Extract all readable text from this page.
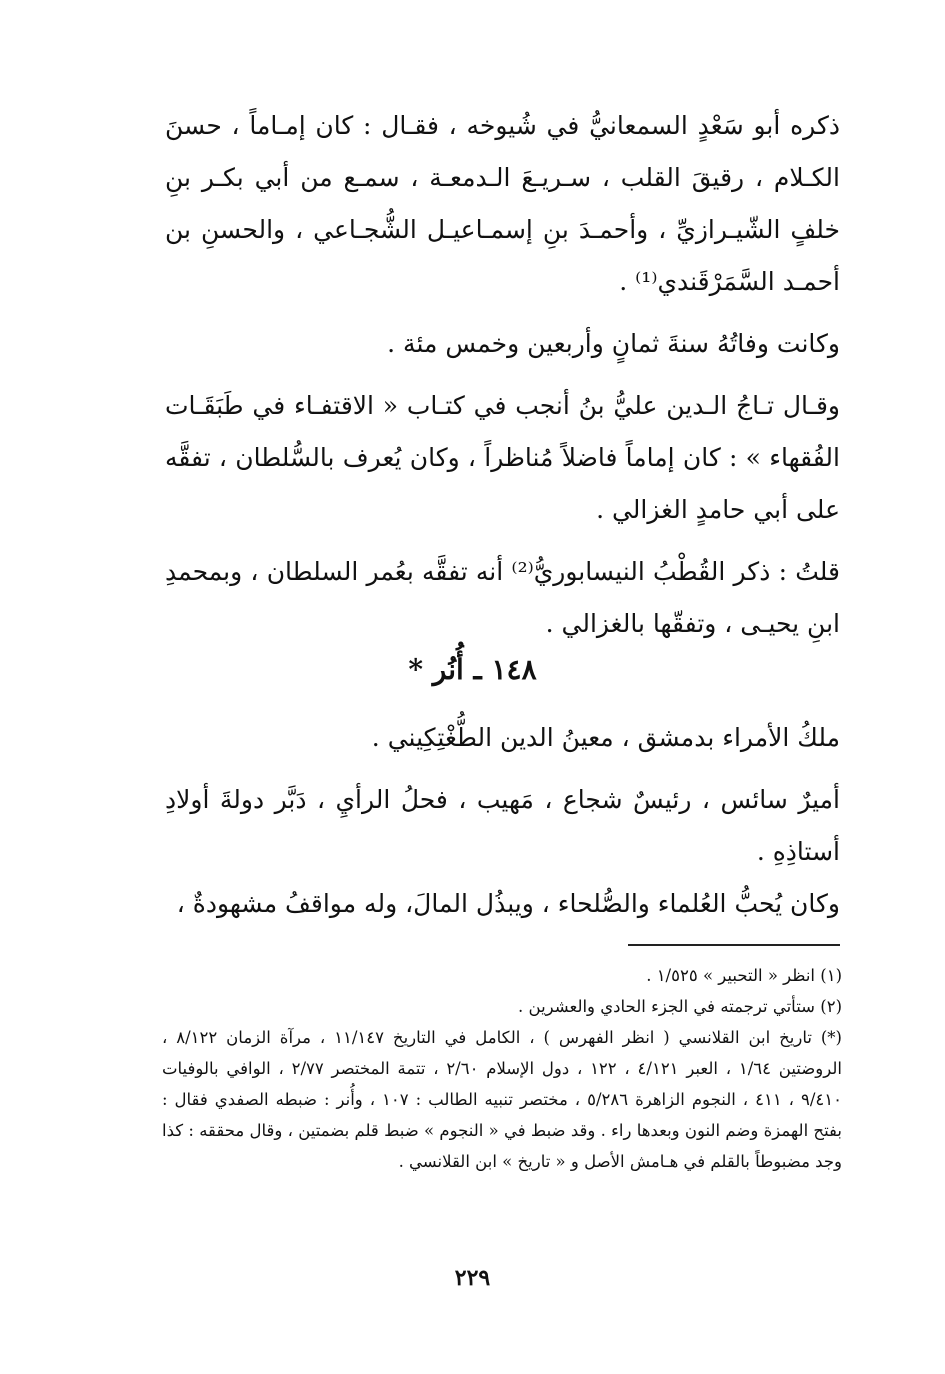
ذكره أبو سَعْدٍ السمعانيُّ في شُيوخه ، فقـال : كان إمـاماً ، حسنَ الكـلام ، رقيقَ القلب ، سـريـعَ الـدمعـة ، سمـع من أبي بكـر بنِ خلفٍ الشّيـرازيِّ ، وأحمـدَ بنِ إسمـاعيـل الشُّجـاعي ، والحسنِ بن أحمـد السَّمَرْقَندي⁽¹⁾ .

وكانت وفاتُهُ سنةَ ثمانٍ وأربعين وخمس مئة .

وقـال تـاجُ الـدين عليُّ بنُ أنجب في كتـاب « الاقتفـاء في طَبَقَـات الفُقهاء » : كان إماماً فاضلاً مُناظراً ، وكان يُعرف بالسُّلطان ، تفقَّه على أبي حامدٍ الغزالي .

قلتُ : ذكر القُطْبُ النيسابوريُّ⁽²⁾ أنه تفقَّه بعُمر السلطان ، وبمحمدِ ابنِ يحيـى ، وتفقّها بالغزالي .

١٤٨ ـ أُنُر *

ملكُ الأمراء بدمشق ، معينُ الدين الطُّغْتِكِيني .

أميرٌ سائس ، رئيسٌ شجاع ، مَهيب ، فحلُ الرأيِ ، دَبَّر دولةَ أولادِ أستاذِهِ .

وكان يُحبُّ العُلماء والصُّلحاء ، ويبذُل المالَ، وله مواقفُ مشهودةٌ ،

(١) انظر « التحبير » ١/٥٢٥ .

(٢) ستأتي ترجمته في الجزء الحادي والعشرين .

(*) تاريخ ابن القلانسي ( انظر الفهرس ) ، الكامل في التاريخ ١١/١٤٧ ، مرآة الزمان ٨/١٢٢ ، الروضتين ١/٦٤ ، العبر ٤/١٢١ ، ١٢٢ ، دول الإسلام ٢/٦٠ ، تتمة المختصر ٢/٧٧ ، الوافي بالوفيات ٩/٤١٠ ، ٤١١ ، النجوم الزاهرة ٥/٢٨٦ ، مختصر تنبيه الطالب : ١٠٧ ، وأُنر : ضبطه الصفدي فقال : بفتح الهمزة وضم النون وبعدها راء . وقد ضبط في « النجوم » ضبط قلم بضمتين ، وقال محققه : كذا وجد مضبوطاً بالقلم في هـامش الأصل و « تاريخ » ابن القلانسي .

٢٢٩
